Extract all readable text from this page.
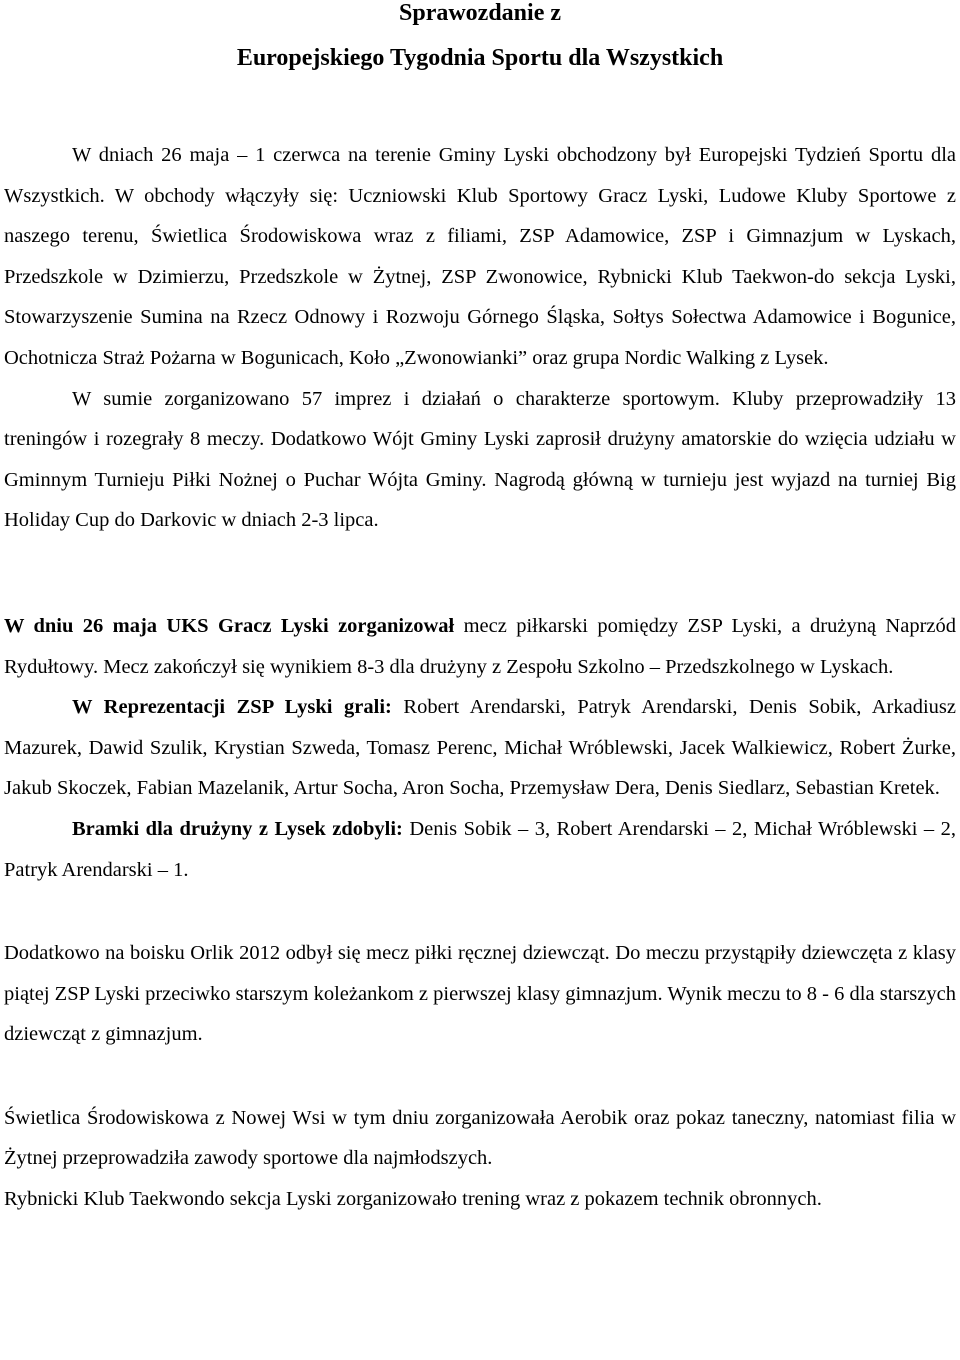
Sprawozdanie z
Europejskiego Tygodnia Sportu dla Wszystkich

W dniach 26 maja – 1 czerwca na terenie Gminy Lyski obchodzony był Europejski Tydzień Sportu dla Wszystkich. W obchody włączyły się: Uczniowski Klub Sportowy Gracz Lyski, Ludowe Kluby Sportowe z naszego terenu, Świetlica Środowiskowa wraz z filiami, ZSP Adamowice, ZSP i Gimnazjum w Lyskach, Przedszkole w Dzimierzu, Przedszkole w Żytnej, ZSP Zwonowice, Rybnicki Klub Taekwon-do sekcja Lyski, Stowarzyszenie Sumina na Rzecz Odnowy i Rozwoju Górnego Śląska, Sołtys Sołectwa Adamowice i Bogunice, Ochotnicza Straż Pożarna w Bogunicach, Koło „Zwonowianki” oraz grupa Nordic Walking z Lysek.

W sumie zorganizowano 57 imprez i działań o charakterze sportowym. Kluby przeprowadziły 13 treningów i rozegrały 8 meczy. Dodatkowo Wójt Gminy Lyski zaprosił drużyny amatorskie do wzięcia udziału w Gminnym Turnieju Piłki Nożnej o Puchar Wójta Gminy. Nagrodą główną w turnieju jest wyjazd na turniej Big Holiday Cup do Darkovic w dniach 2-3 lipca.

W dniu 26 maja UKS Gracz Lyski zorganizował mecz piłkarski pomiędzy ZSP Lyski, a drużyną Naprzód Rydułtowy. Mecz zakończył się wynikiem 8-3 dla drużyny z Zespołu Szkolno – Przedszkolnego w Lyskach.

W Reprezentacji ZSP Lyski grali: Robert Arendarski, Patryk Arendarski, Denis Sobik, Arkadiusz Mazurek, Dawid Szulik, Krystian Szweda, Tomasz Perenc, Michał Wróblewski, Jacek Walkiewicz, Robert Żurke, Jakub Skoczek, Fabian Mazelanik, Artur Socha, Aron Socha, Przemysław Dera, Denis Siedlarz, Sebastian Kretek.

Bramki dla drużyny z Lysek zdobyli: Denis Sobik – 3, Robert Arendarski – 2, Michał Wróblewski – 2, Patryk Arendarski – 1.

Dodatkowo na boisku Orlik 2012 odbył się mecz piłki ręcznej dziewcząt. Do meczu przystąpiły dziewczęta z klasy piątej ZSP Lyski przeciwko starszym koleżankom z pierwszej klasy gimnazjum. Wynik meczu to 8 - 6 dla starszych dziewcząt z gimnazjum.

Świetlica Środowiskowa z Nowej Wsi w tym dniu zorganizowała Aerobik oraz pokaz taneczny, natomiast filia w Żytnej przeprowadziła zawody sportowe dla najmłodszych.

Rybnicki Klub Taekwondo sekcja Lyski zorganizowało trening wraz z pokazem technik obronnych.
